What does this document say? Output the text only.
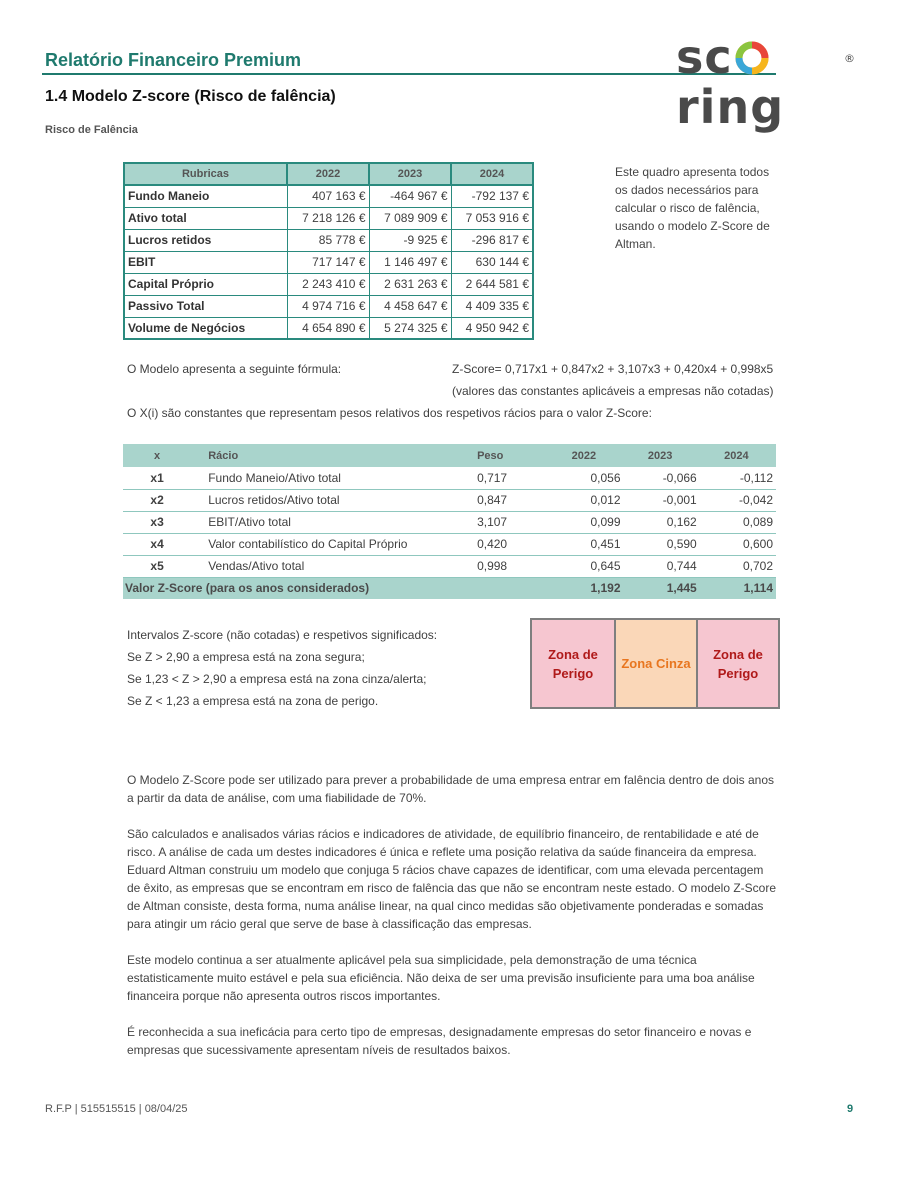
Relatório Financeiro Premium	scring
®
1.4 Modelo Z-score (Risco de falência)
Risco de Falência
Rubricas	2022	2023	2024
Fundo Maneio	407 163 €	-464 967 €	-792 137 €
Ativo total	7 218 126 €	7 089 909 €	7 053 916 €
Lucros retidos	85 778 €	-9 925 €	-296 817 €
EBIT	717 147 €	1 146 497 €	630 144 €
Capital Próprio	2 243 410 €	2 631 263 €	2 644 581 €
Passivo Total	4 974 716 €	4 458 647 €	4 409 335 €
Volume de Negócios	4 654 890 €	5 274 325 €	4 950 942 €
Este quadro apresenta todos os dados necessários para calcular o risco de falência, usando o modelo Z-Score de Altman.
O Modelo apresenta a seguinte fórmula:	Z-Score= 0,717x1 + 0,847x2 + 3,107x3 + 0,420x4 + 0,998x5
(valores das constantes aplicáveis a empresas não cotadas)
O X(i) são constantes que representam pesos relativos dos respetivos rácios para o valor Z-Score:
x	Rácio	Peso	2022	2023	2024
x1	Fundo Maneio/Ativo total	0,717	0,056	-0,066	-0,112
x2	Lucros retidos/Ativo total	0,847	0,012	-0,001	-0,042
x3	EBIT/Ativo total	3,107	0,099	0,162	0,089
x4	Valor contabilístico do Capital Próprio	0,420	0,451	0,590	0,600
x5	Vendas/Ativo total	0,998	0,645	0,744	0,702
Valor Z-Score (para os anos considerados)			1,192	1,445	1,114
Intervalos Z-score (não cotadas) e respetivos significados:
Se Z > 2,90 a empresa está na zona segura;
Se 1,23 < Z > 2,90 a empresa está na zona cinza/alerta;
Se Z < 1,23 a empresa está na zona de perigo.
Zona de
Perigo
Zona Cinza
Zona de
Perigo

O Modelo Z-Score pode ser utilizado para prever a probabilidade de uma empresa entrar em falência dentro de dois anos a partir da data de análise, com uma fiabilidade de 70%.

São calculados e analisados várias rácios e indicadores de atividade, de equilíbrio financeiro, de rentabilidade e até de risco. A análise de cada um destes indicadores é única e reflete uma posição relativa da saúde financeira da empresa. Eduard Altman construiu um modelo que conjuga 5 rácios chave capazes de identificar, com uma elevada percentagem de êxito, as empresas que se encontram em risco de falência das que não se encontram neste estado. O modelo Z-Score de Altman consiste, desta forma, numa análise linear, na qual cinco medidas são objetivamente ponderadas e somadas para atingir um rácio geral que serve de base à classificação das empresas.

Este modelo continua a ser atualmente aplicável pela sua simplicidade, pela demonstração de uma técnica estatisticamente muito estável e pela sua eficiência. Não deixa de ser uma previsão insuficiente para uma boa análise financeira porque não apresenta outros riscos importantes.

É reconhecida a sua ineficácia para certo tipo de empresas, designadamente empresas do setor financeiro e novas e empresas que sucessivamente apresentam níveis de resultados baixos.

R.F.P | 515515515 | 08/04/25	9
